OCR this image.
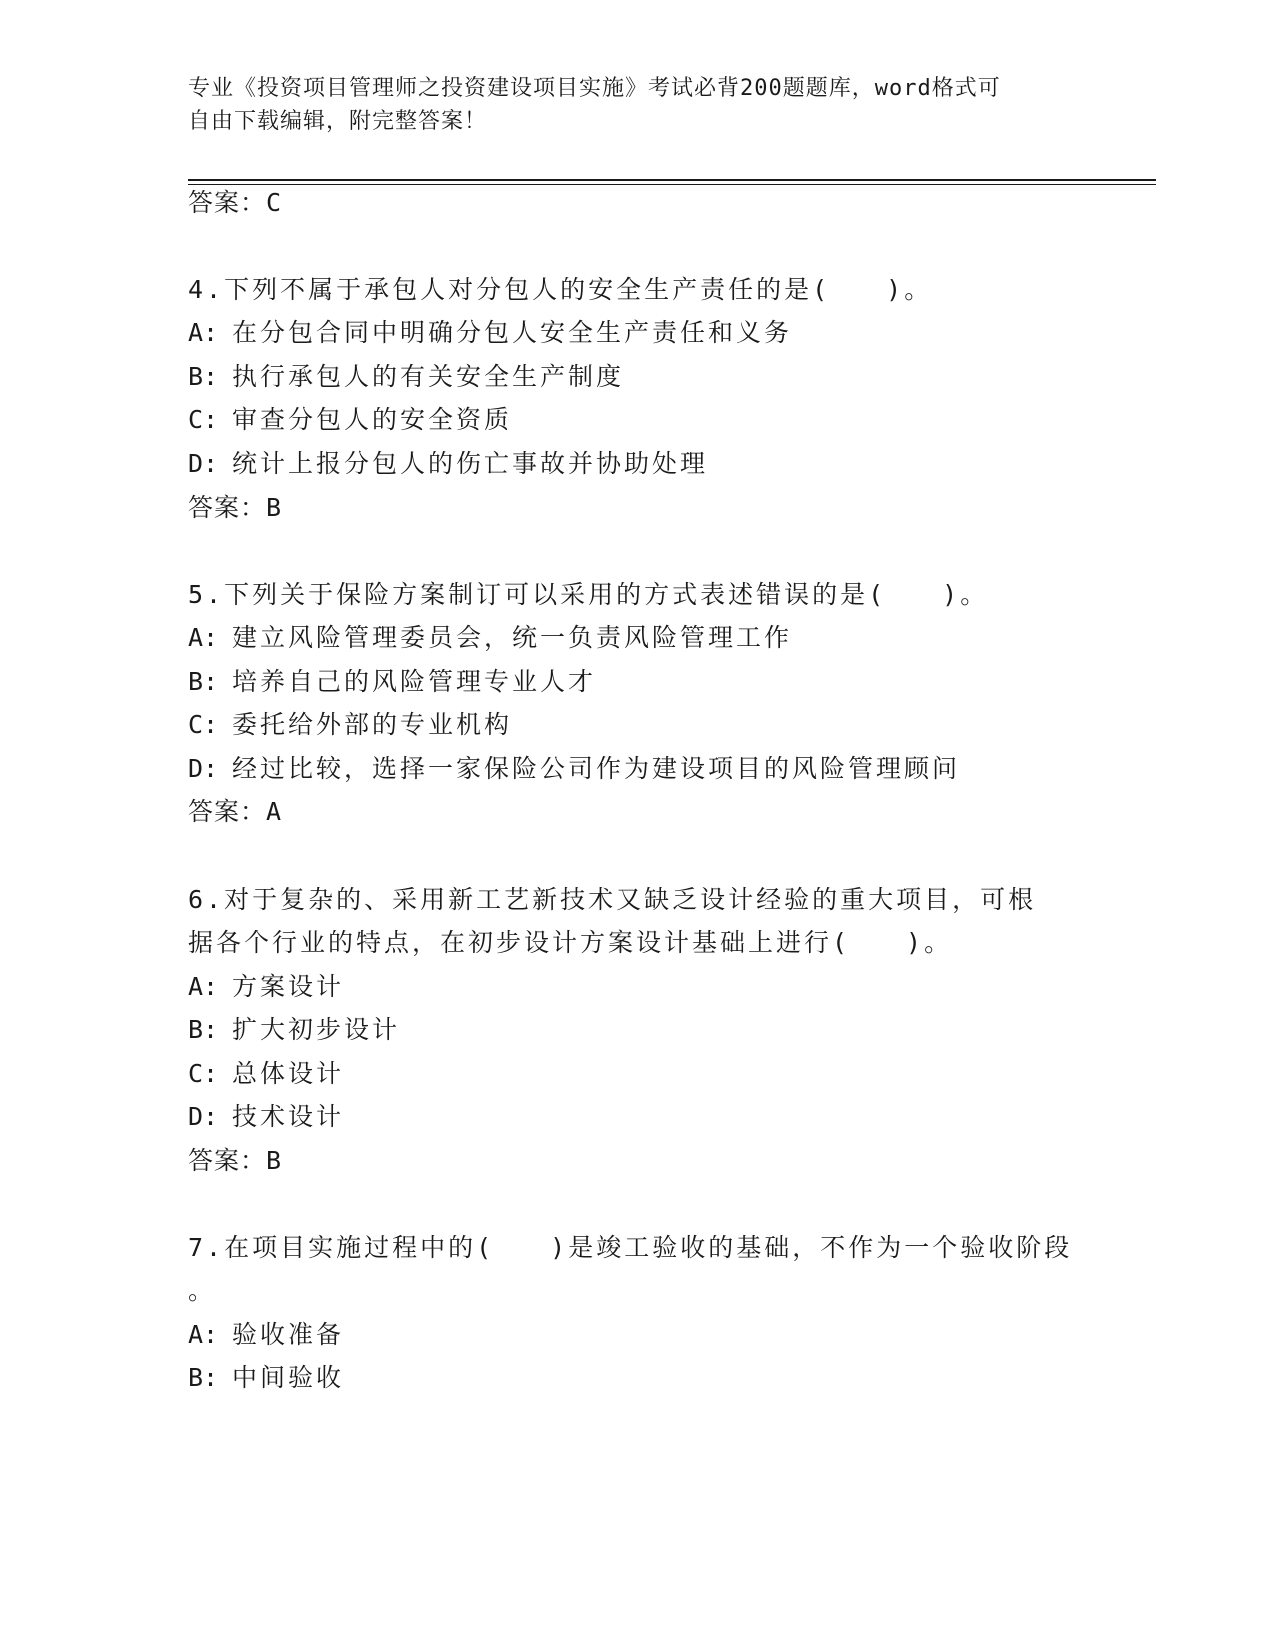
专业《投资项目管理师之投资建设项目实施》考试必背200题题库，word格式可
自由下载编辑，附完整答案！
答案：C
4.下列不属于承包人对分包人的安全生产责任的是(　　)。
A: 在分包合同中明确分包人安全生产责任和义务
B: 执行承包人的有关安全生产制度
C: 审查分包人的安全资质
D: 统计上报分包人的伤亡事故并协助处理
答案：B
5.下列关于保险方案制订可以采用的方式表述错误的是(　　)。
A: 建立风险管理委员会，统一负责风险管理工作
B: 培养自己的风险管理专业人才
C: 委托给外部的专业机构
D: 经过比较，选择一家保险公司作为建设项目的风险管理顾问
答案：A
6.对于复杂的、采用新工艺新技术又缺乏设计经验的重大项目，可根
据各个行业的特点，在初步设计方案设计基础上进行(　　)。
A: 方案设计
B: 扩大初步设计
C: 总体设计
D: 技术设计
答案：B
7.在项目实施过程中的(　　)是竣工验收的基础，不作为一个验收阶段
。
A: 验收准备
B: 中间验收
